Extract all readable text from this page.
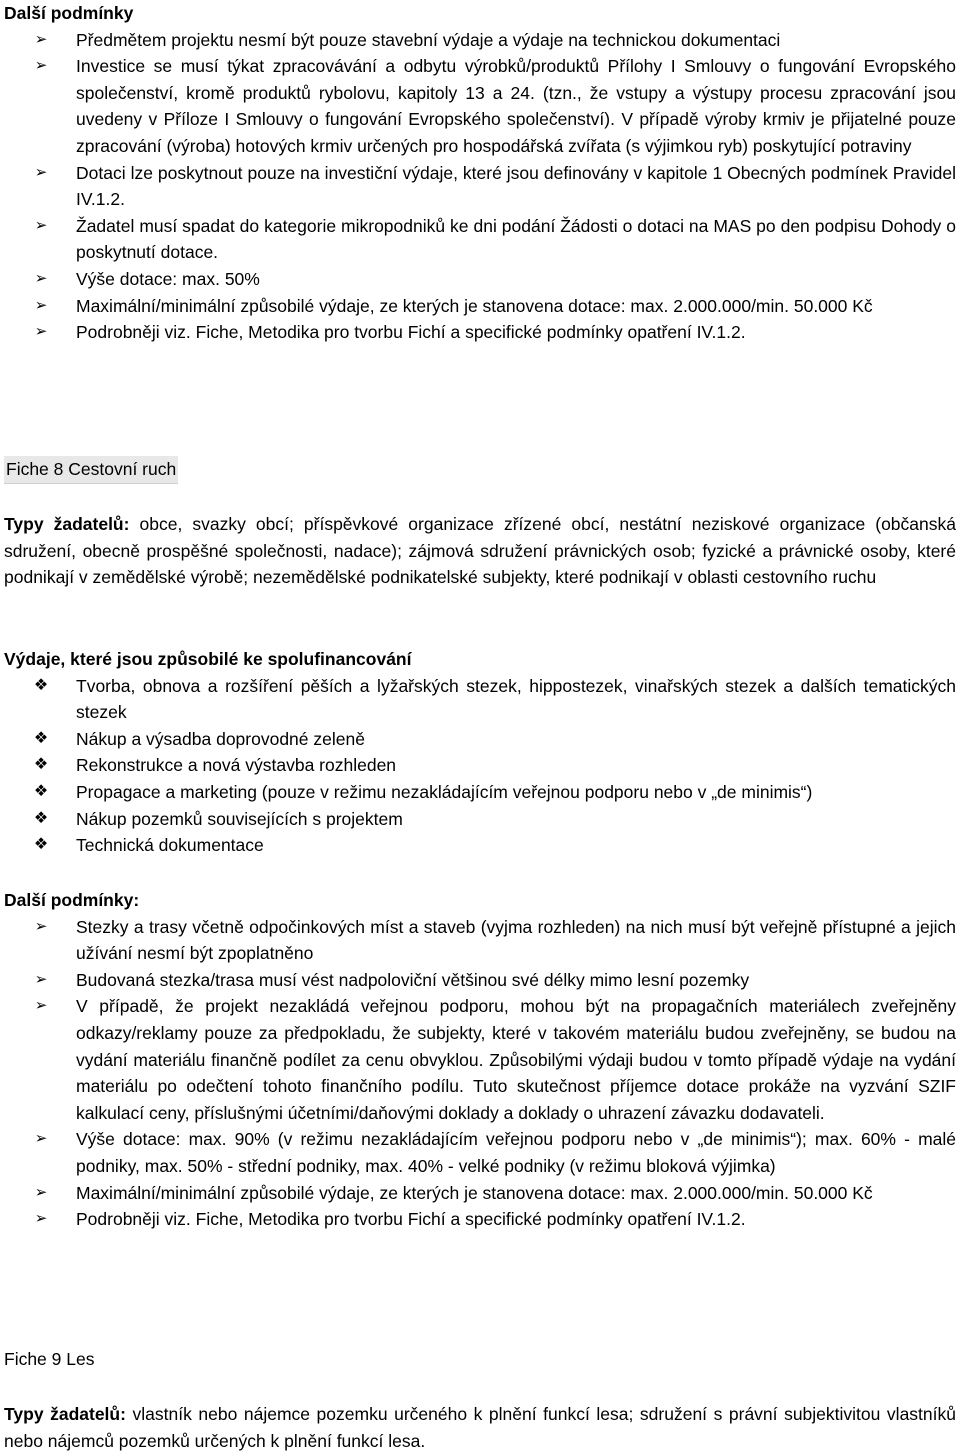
Další podmínky
➢ Předmětem projektu nesmí být pouze stavební výdaje a výdaje na technickou dokumentaci
➢ Investice se musí týkat zpracovávání a odbytu výrobků/produktů Přílohy I Smlouvy o fungování Evropského společenství, kromě produktů rybolovu, kapitoly 13 a 24. (tzn., že vstupy a výstupy procesu zpracování jsou uvedeny v Příloze I Smlouvy o fungování Evropského společenství). V případě výroby krmiv je přijatelné pouze zpracování (výroba) hotových krmiv určených pro hospodářská zvířata (s výjimkou ryb) poskytující potraviny
➢ Dotaci lze poskytnout pouze na investiční výdaje, které jsou definovány v kapitole 1 Obecných podmínek Pravidel IV.1.2.
➢ Žadatel musí spadat do kategorie mikropodniků ke dni podání Žádosti o dotaci na MAS po den podpisu Dohody o poskytnutí dotace.
➢ Výše dotace: max. 50%
➢ Maximální/minimální způsobilé výdaje, ze kterých je stanovena dotace: max. 2.000.000/min. 50.000 Kč
➢ Podrobněji viz. Fiche, Metodika pro tvorbu Fichí a specifické podmínky opatření IV.1.2.
Fiche 8 Cestovní ruch
Typy žadatelů: obce, svazky obcí; příspěvkové organizace zřízené obcí, nestátní neziskové organizace (občanská sdružení, obecně prospěšné společnosti, nadace); zájmová sdružení právnických osob; fyzické a právnické osoby, které podnikají v zemědělské výrobě; nezemědělské podnikatelské subjekty, které podnikají v oblasti cestovního ruchu
Výdaje, které jsou způsobilé ke spolufinancování
❖ Tvorba, obnova a rozšíření pěších a lyžařských stezek, hippostezek, vinařských stezek a dalších tematických stezek
❖ Nákup a výsadba doprovodné zeleně
❖ Rekonstrukce a nová výstavba rozhleden
❖ Propagace a marketing (pouze v režimu nezakládajícím veřejnou podporu nebo v „de minimis“)
❖ Nákup pozemků souvisejících s projektem
❖ Technická dokumentace
Další podmínky:
➢ Stezky a trasy včetně odpočinkových míst a staveb (vyjma rozhleden) na nich musí být veřejně přístupné a jejich užívání nesmí být zpoplatněno
➢ Budovaná stezka/trasa musí vést nadpoloviční většinou své délky mimo lesní pozemky
➢ V případě, že projekt nezakládá veřejnou podporu, mohou být na propagačních materiálech zveřejněny odkazy/reklamy pouze za předpokladu, že subjekty, které v takovém materiálu budou zveřejněny, se budou na vydání materiálu finančně podílet za cenu obvyklou. Způsobilými výdaji budou v tomto případě výdaje na vydání materiálu po odečtení tohoto finančního podílu. Tuto skutečnost příjemce dotace prokáže na vyzvání SZIF kalkulací ceny, příslušnými účetními/daňovými doklady a doklady o uhrazení závazku dodavateli.
➢ Výše dotace: max. 90% (v režimu nezakládajícím veřejnou podporu nebo v „de minimis“); max. 60% - malé podniky, max. 50% - střední podniky, max. 40% - velké podniky (v režimu bloková výjimka)
➢ Maximální/minimální způsobilé výdaje, ze kterých je stanovena dotace: max. 2.000.000/min. 50.000 Kč
➢ Podrobněji viz. Fiche, Metodika pro tvorbu Fichí a specifické podmínky opatření IV.1.2.
Fiche 9 Les
Typy žadatelů: vlastník nebo nájemce pozemku určeného k plnění funkcí lesa; sdružení s právní subjektivitou vlastníků nebo nájemců pozemků určených k plnění funkcí lesa.
